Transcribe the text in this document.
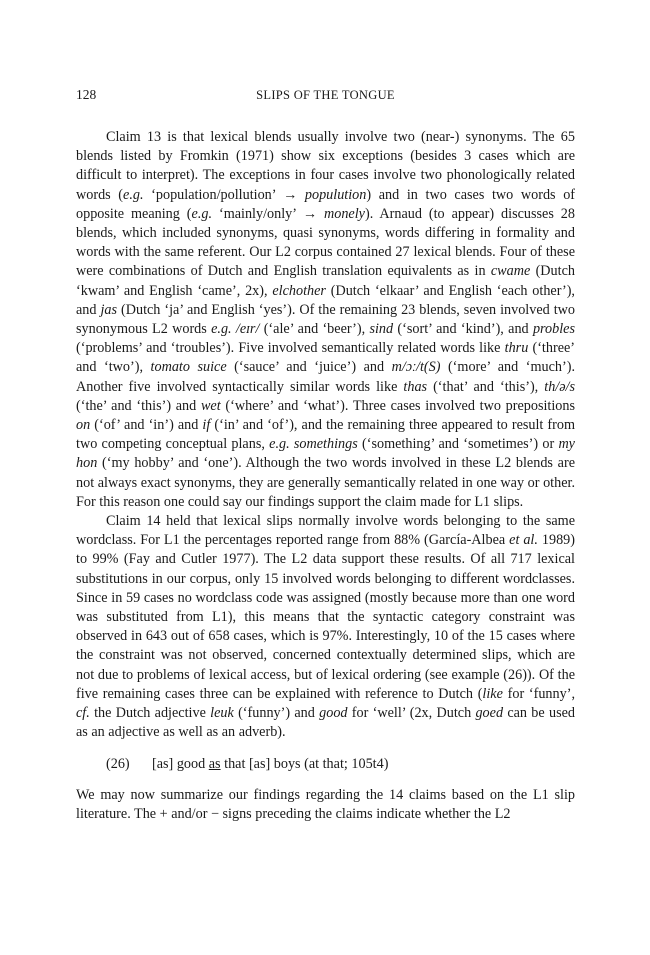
128	SLIPS OF THE TONGUE

Claim 13 is that lexical blends usually involve two (near-) synonyms. The 65 blends listed by Fromkin (1971) show six exceptions (besides 3 cases which are difficult to interpret). The exceptions in four cases involve two phonologically related words (e.g. ‘population/pollution’ → populution) and in two cases two words of opposite meaning (e.g. ‘mainly/only’ → monely). Arnaud (to appear) discusses 28 blends, which included synonyms, quasi synonyms, words differing in formality and words with the same referent. Our L2 corpus contained 27 lexical blends. Four of these were combinations of Dutch and English translation equivalents as in cwame (Dutch ‘kwam’ and English ‘came’, 2x), elchother (Dutch ‘elkaar’ and English ‘each other’), and jas (Dutch ‘ja’ and English ‘yes’). Of the remaining 23 blends, seven involved two synonymous L2 words e.g. /eɪr/ (‘ale’ and ‘beer’), sind (‘sort’ and ‘kind’), and probles (‘problems’ and ‘troubles’). Five involved semantically related words like thru (‘three’ and ‘two’), tomato suice (‘sauce’ and ‘juice’) and m/ɔː/t(S) (‘more’ and ‘much’). Another five involved syntactically similar words like thas (‘that’ and ‘this’), th/ə/s (‘the’ and ‘this’) and wet (‘where’ and ‘what’). Three cases involved two prepositions on (‘of’ and ‘in’) and if (‘in’ and ‘of’), and the remaining three appeared to result from two competing conceptual plans, e.g. somethings (‘something’ and ‘sometimes’) or my hon (‘my hobby’ and ‘one’). Although the two words involved in these L2 blends are not always exact synonyms, they are generally semantically related in one way or other. For this reason one could say our findings support the claim made for L1 slips.

Claim 14 held that lexical slips normally involve words belonging to the same wordclass. For L1 the percentages reported range from 88% (García-Albea et al. 1989) to 99% (Fay and Cutler 1977). The L2 data support these results. Of all 717 lexical substitutions in our corpus, only 15 involved words belonging to different wordclasses. Since in 59 cases no wordclass code was assigned (mostly because more than one word was substituted from L1), this means that the syntactic category constraint was observed in 643 out of 658 cases, which is 97%. Interestingly, 10 of the 15 cases where the constraint was not observed, concerned contextually determined slips, which are not due to problems of lexical access, but of lexical ordering (see example (26)). Of the five remaining cases three can be explained with reference to Dutch (like for ‘funny’, cf. the Dutch adjective leuk (‘funny’) and good for ‘well’ (2x, Dutch goed can be used as an adjective as well as an adverb).

(26) [as] good as that [as] boys (at that; 105t4)

We may now summarize our findings regarding the 14 claims based on the L1 slip literature. The + and/or − signs preceding the claims indicate whether the L2
